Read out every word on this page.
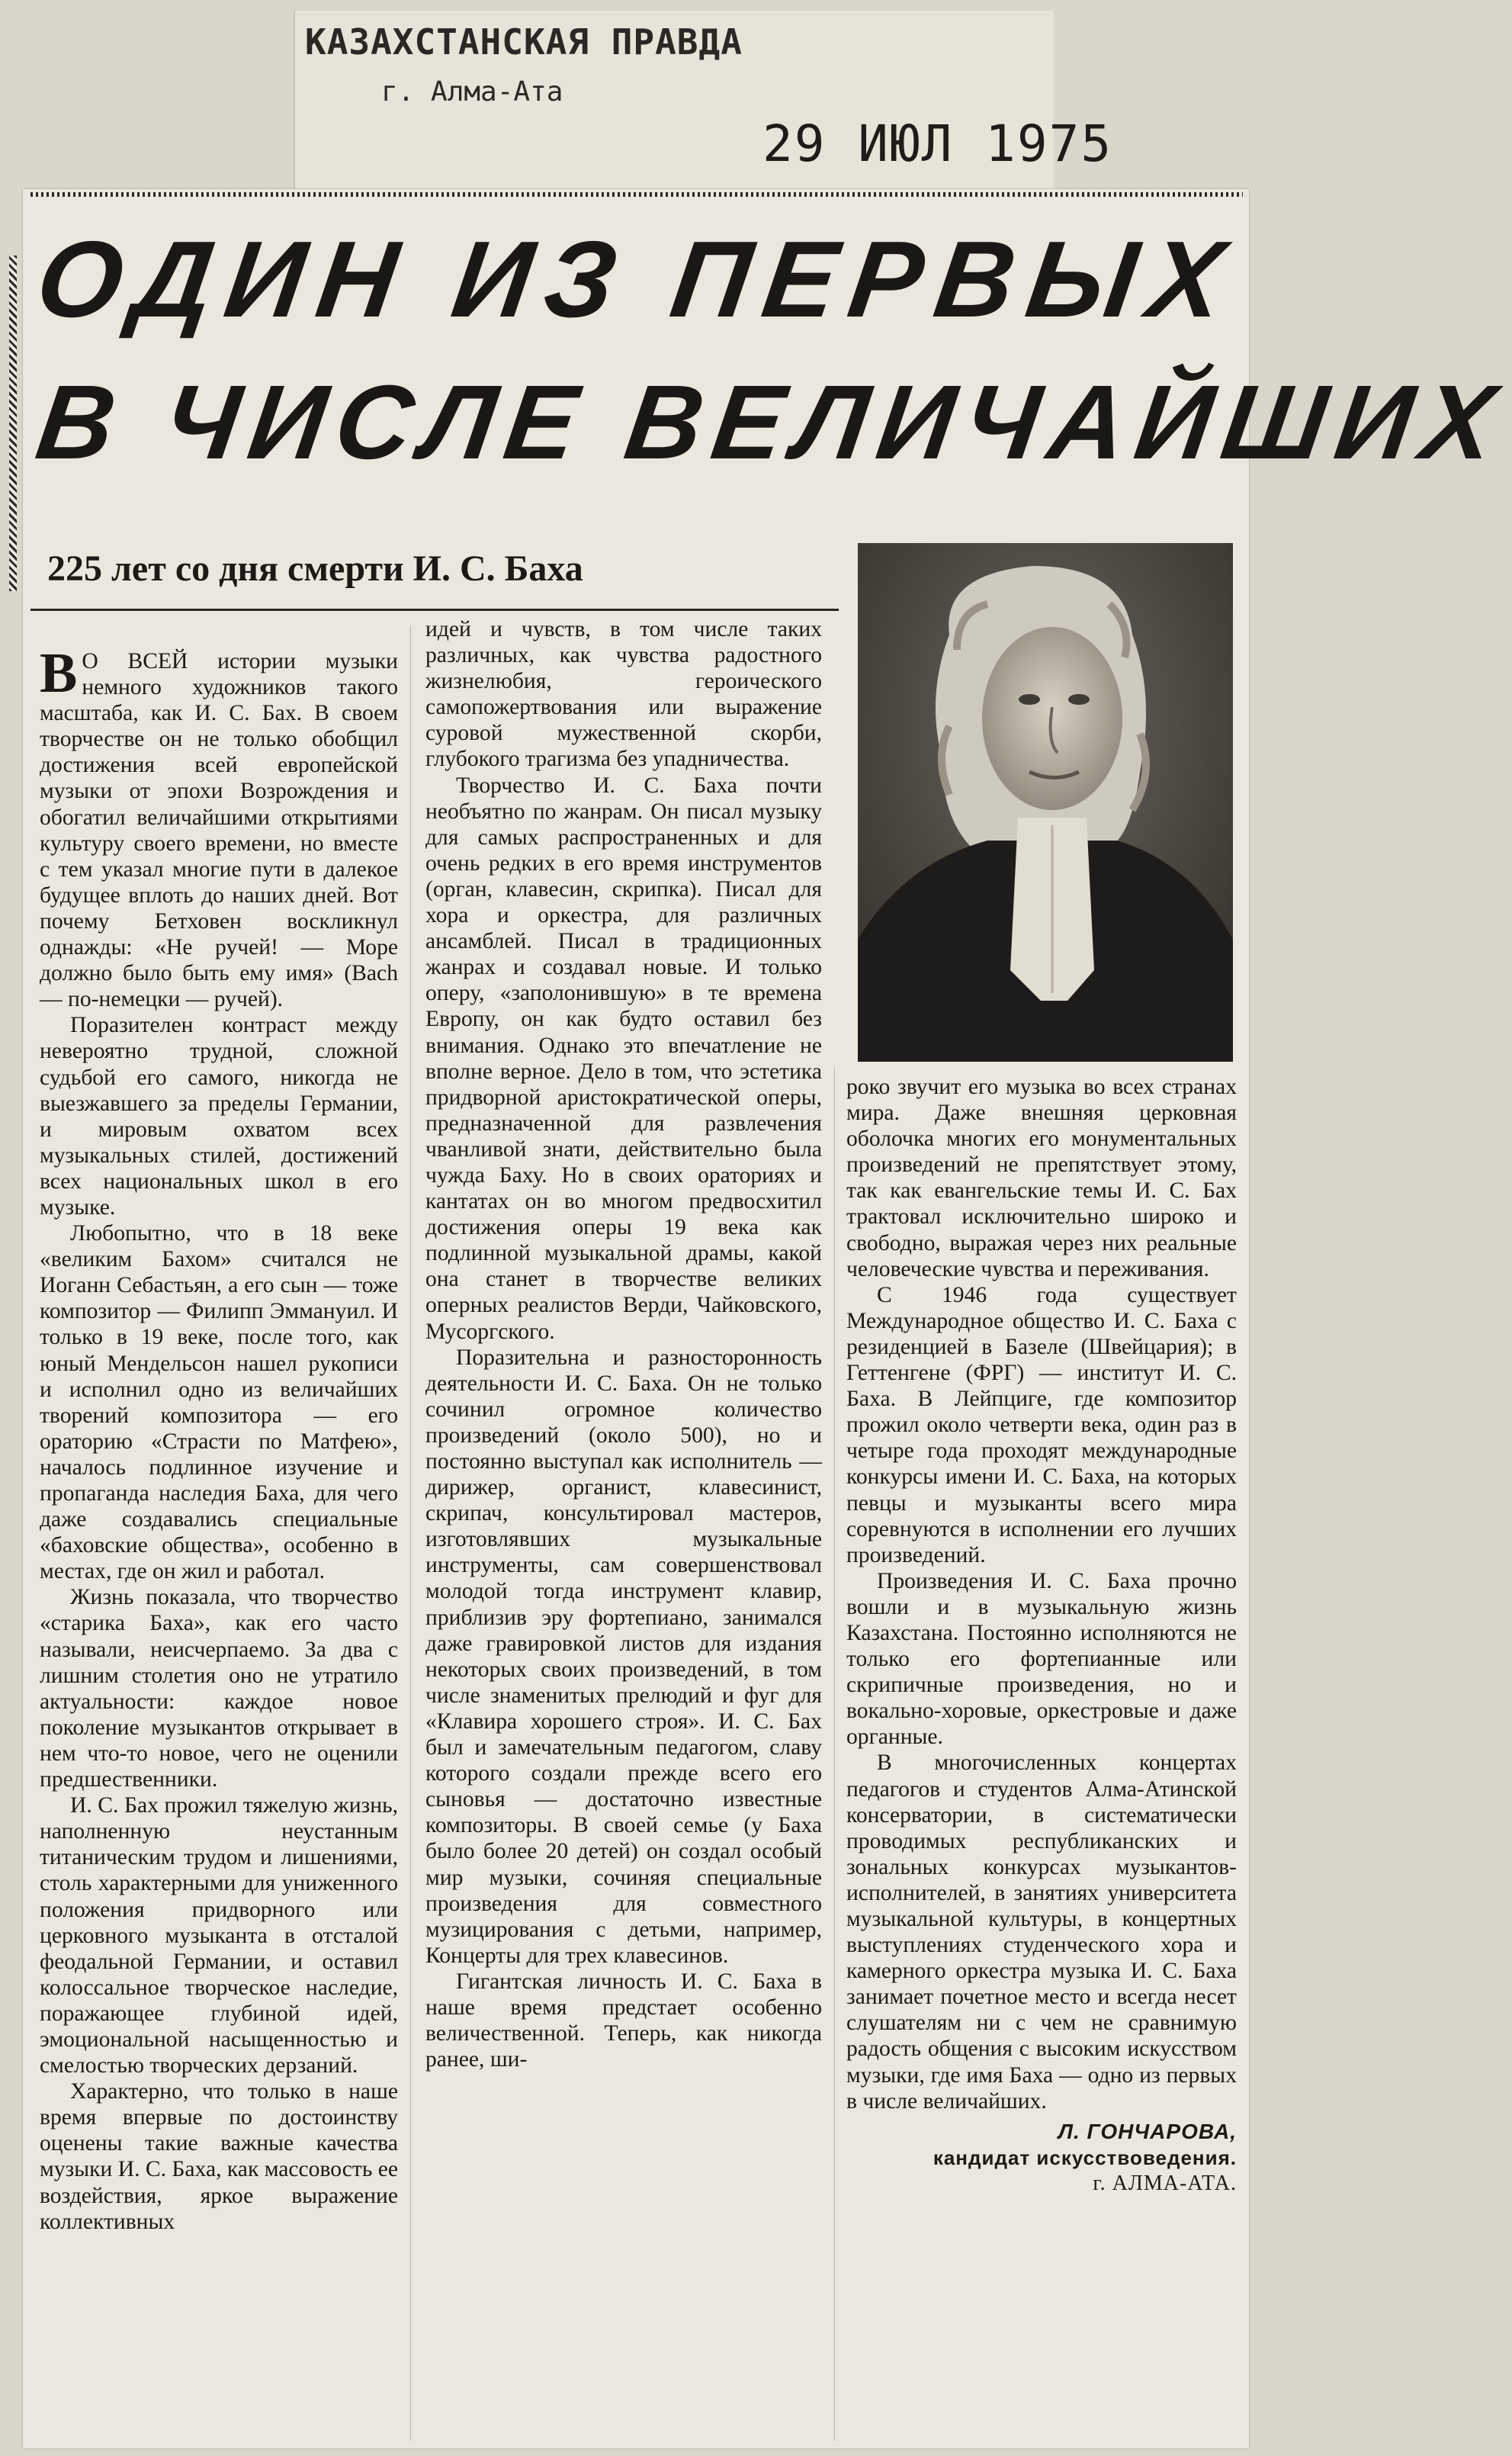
КАЗАХСТАНСКАЯ ПРАВДА
г. Алма-Ата
29 ИЮЛ 1975
ОДИН ИЗ ПЕРВЫХ
В ЧИСЛЕ ВЕЛИЧАЙШИХ
225 лет со дня смерти И. С. Баха

В О ВСЕЙ истории музыки немного художников такого масштаба, как И. С. Бах. В своем творчестве он не только обобщил достижения всей европейской музыки от эпохи Возрождения и обогатил величайшими открытиями культуру своего времени, но вместе с тем указал многие пути в далекое будущее вплоть до наших дней. Вот почему Бетховен воскликнул однажды: «Не ручей! — Море должно было быть ему имя» (Bach — по-немецки — ручей).

Поразителен контраст между невероятно трудной, сложной судьбой его самого, никогда не выезжавшего за пределы Германии, и мировым охватом всех музыкальных стилей, достижений всех национальных школ в его музыке.

Любопытно, что в 18 веке «великим Бахом» считался не Иоганн Себастьян, а его сын — тоже композитор — Филипп Эммануил. И только в 19 веке, после того, как юный Мендельсон нашел рукописи и исполнил одно из величайших творений композитора — его ораторию «Страсти по Матфею», началось подлинное изучение и пропаганда наследия Баха, для чего даже создавались специальные «баховские общества», особенно в местах, где он жил и работал.

Жизнь показала, что творчество «старика Баха», как его часто называли, неисчерпаемо. За два с лишним столетия оно не утратило актуальности: каждое новое поколение музыкантов открывает в нем что-то новое, чего не оценили предшественники.

И. С. Бах прожил тяжелую жизнь, наполненную неустанным титаническим трудом и лишениями, столь характерными для униженного положения придворного или церковного музыканта в отсталой феодальной Германии, и оставил колоссальное творческое наследие, поражающее глубиной идей, эмоциональной насыщенностью и смелостью творческих дерзаний.

Характерно, что только в наше время впервые по достоинству оценены такие важные качества музыки И. С. Баха, как массовость ее воздействия, яркое выражение коллективных

идей и чувств, в том числе таких различных, как чувства радостного жизнелюбия, героического самопожертвования или выражение суровой мужественной скорби, глубокого трагизма без упадничества.

Творчество И. С. Баха почти необъятно по жанрам. Он писал музыку для самых распространенных и для очень редких в его время инструментов (орган, клавесин, скрипка). Писал для хора и оркестра, для различных ансамблей. Писал в традиционных жанрах и создавал новые. И только оперу, «заполонившую» в те времена Европу, он как будто оставил без внимания. Однако это впечатление не вполне верное. Дело в том, что эстетика придворной аристократической оперы, предназначенной для развлечения чванливой знати, действительно была чужда Баху. Но в своих ораториях и кантатах он во многом предвосхитил достижения оперы 19 века как подлинной музыкальной драмы, какой она станет в творчестве великих оперных реалистов Верди, Чайковского, Мусоргского.

Поразительна и разносторонность деятельности И. С. Баха. Он не только сочинил огромное количество произведений (около 500), но и постоянно выступал как исполнитель — дирижер, органист, клавесинист, скрипач, консультировал мастеров, изготовлявших музыкальные инструменты, сам совершенствовал молодой тогда инструмент клавир, приблизив эру фортепиано, занимался даже гравировкой листов для издания некоторых своих произведений, в том числе знаменитых прелюдий и фуг для «Клавира хорошего строя». И. С. Бах был и замечательным педагогом, славу которого создали прежде всего его сыновья — достаточно известные композиторы. В своей семье (у Баха было более 20 детей) он создал особый мир музыки, сочиняя специальные произведения для совместного музицирования с детьми, например, Концерты для трех клавесинов.

Гигантская личность И. С. Баха в наше время предстает особенно величественной. Теперь, как никогда ранее, ши-

роко звучит его музыка во всех странах мира. Даже внешняя церковная оболочка многих его монументальных произведений не препятствует этому, так как евангельские темы И. С. Бах трактовал исключительно широко и свободно, выражая через них реальные человеческие чувства и переживания.

С 1946 года существует Международное общество И. С. Баха с резиденцией в Базеле (Швейцария); в Геттенгене (ФРГ) — институт И. С. Баха. В Лейпциге, где композитор прожил около четверти века, один раз в четыре года проходят международные конкурсы имени И. С. Баха, на которых певцы и музыканты всего мира соревнуются в исполнении его лучших произведений.

Произведения И. С. Баха прочно вошли и в музыкальную жизнь Казахстана. Постоянно исполняются не только его фортепианные или скрипичные произведения, но и вокально-хоровые, оркестровые и даже органные.

В многочисленных концертах педагогов и студентов Алма-Атинской консерватории, в систематически проводимых республиканских и зональных конкурсах музыкантов-исполнителей, в занятиях университета музыкальной культуры, в концертных выступлениях студенческого хора и камерного оркестра музыка И. С. Баха занимает почетное место и всегда несет слушателям ни с чем не сравнимую радость общения с высоким искусством музыки, где имя Баха — одно из первых в числе величайших.

Л. ГОНЧАРОВА,
кандидат искусствоведения.
г. АЛМА-АТА.
